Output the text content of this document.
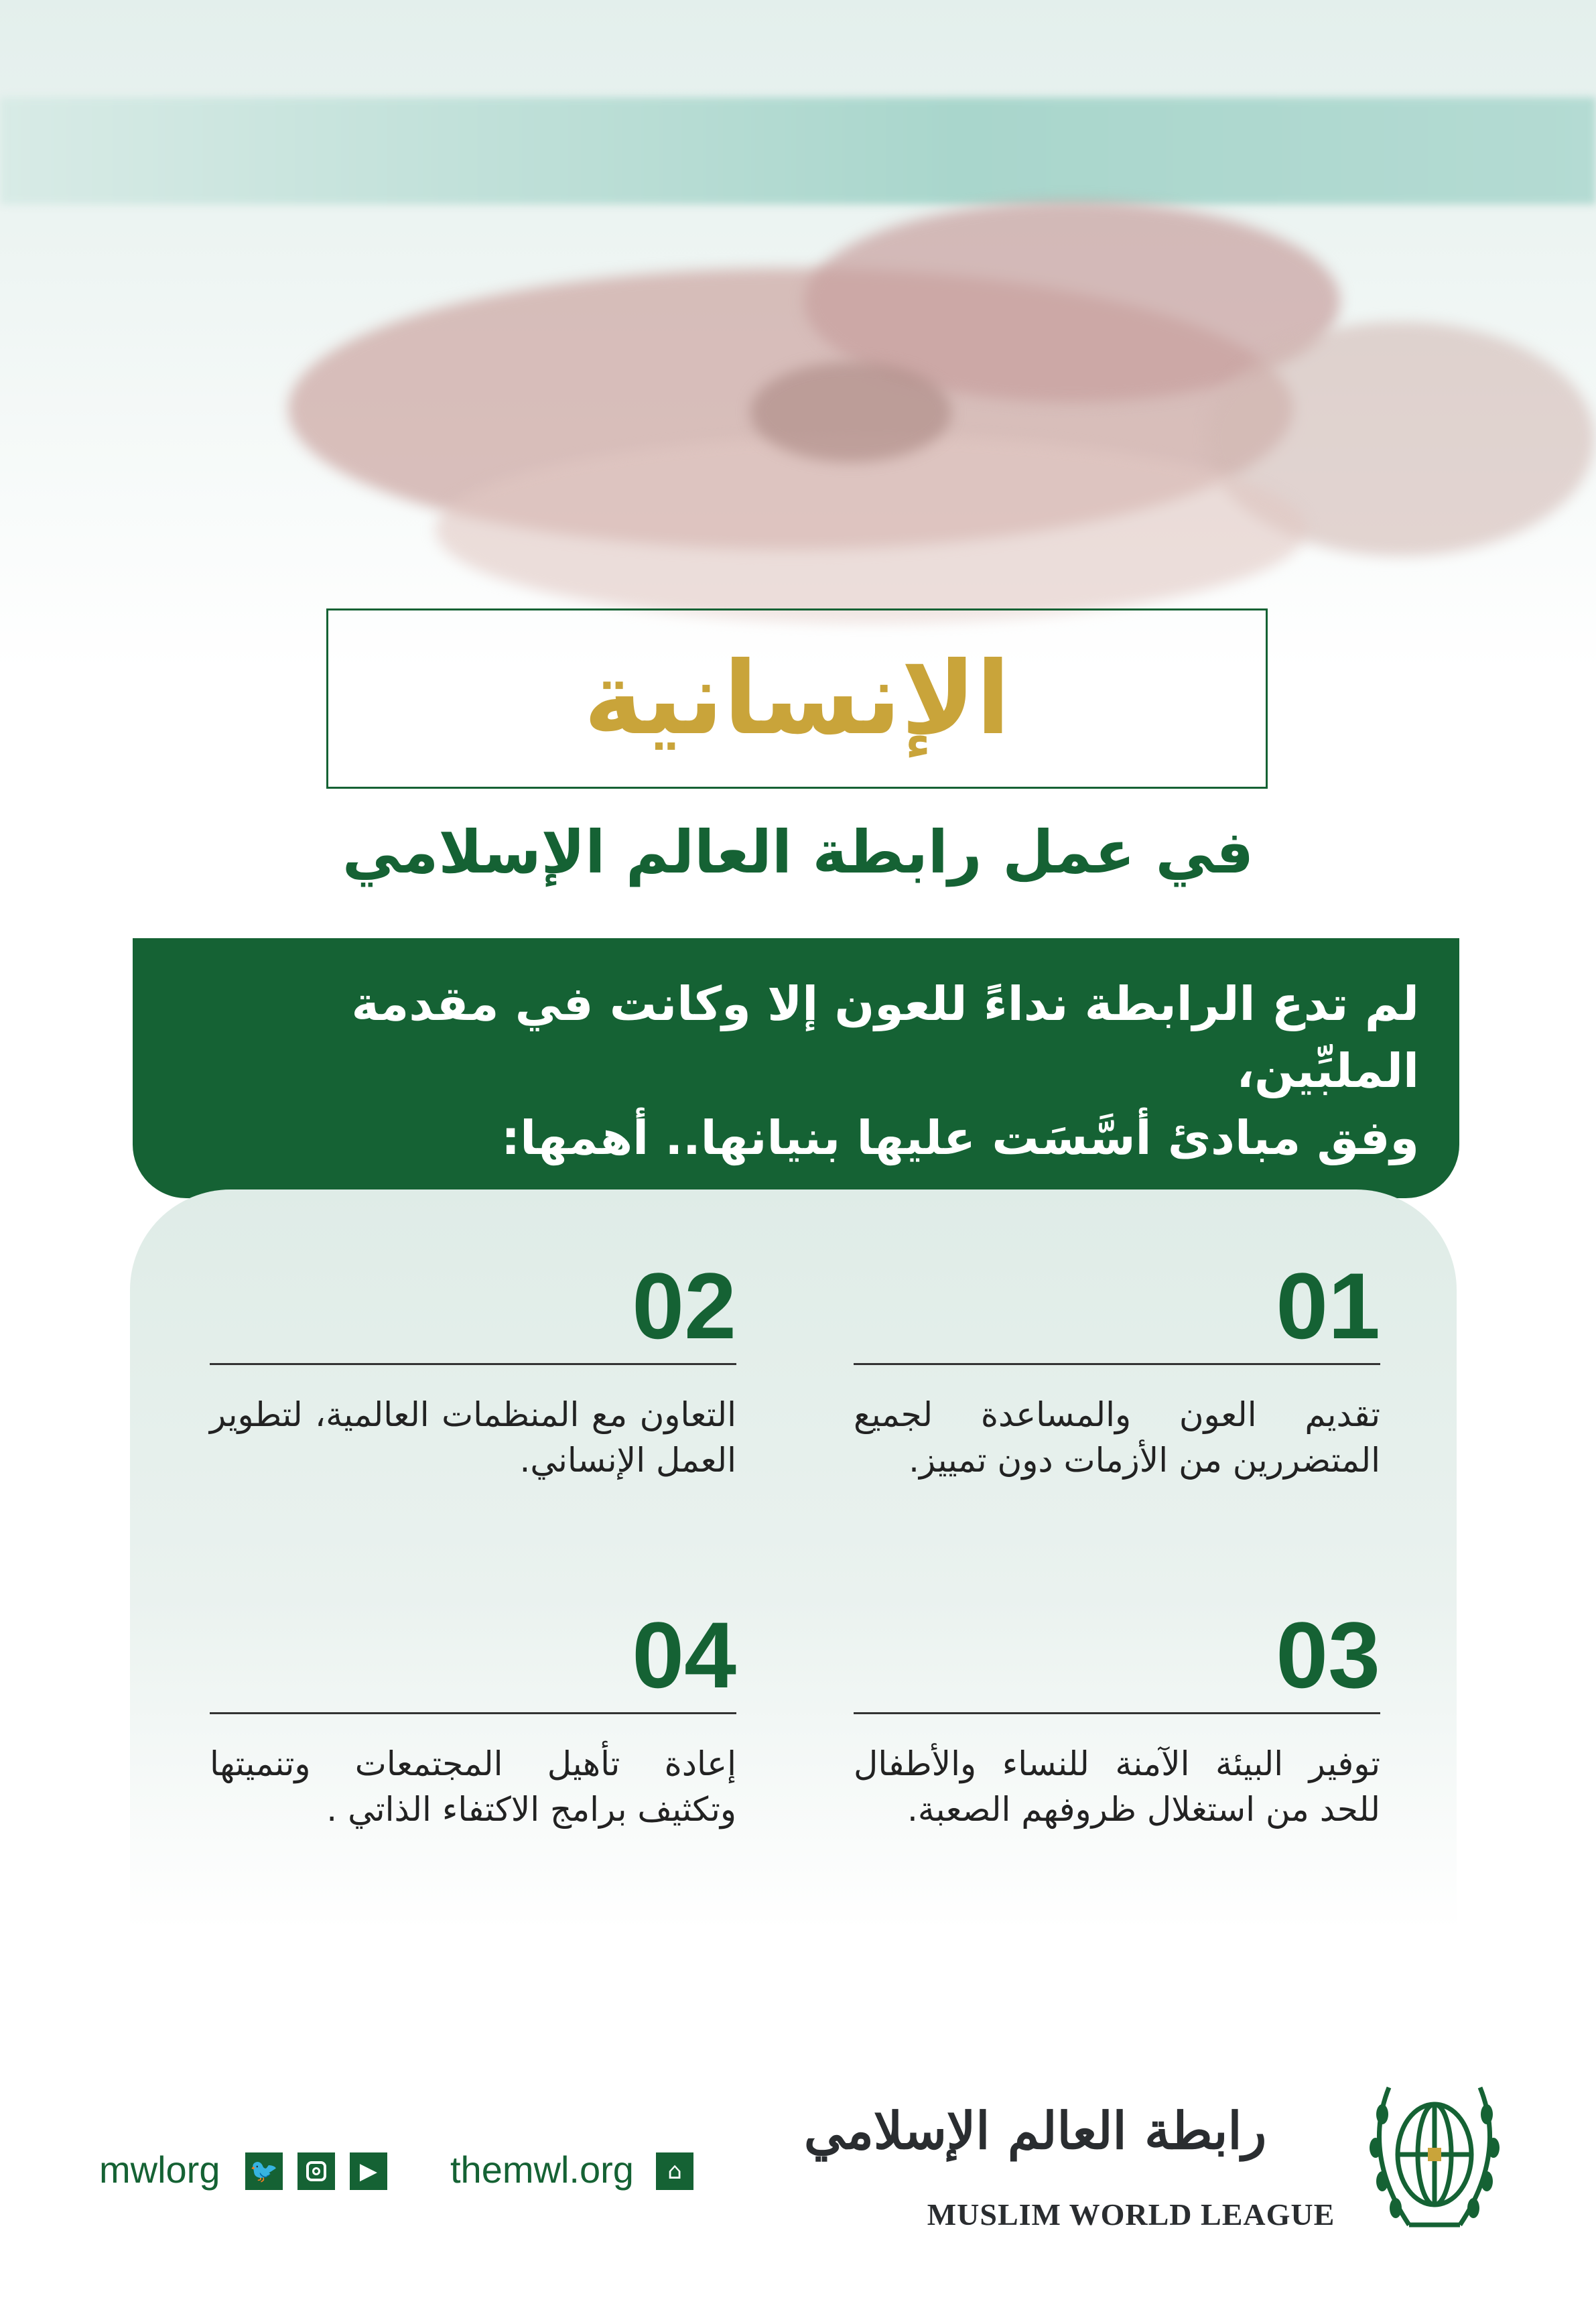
الإنسانية
في عمل رابطة العالم الإسلامي
لم تدع الرابطة نداءً للعون إلا وكانت في مقدمة الملبِّين،
وفق مبادئ أسَّسَت عليها بنيانها.. أهمها:
01
تقديم العون والمساعدة لجميع المتضررين من الأزمات دون تمييز.
02
التعاون مع المنظمات العالمية، لتطوير العمل الإنساني.
03
توفير البيئة الآمنة للنساء والأطفال للحد من استغلال ظروفهم الصعبة.
04
إعادة تأهيل المجتمعات وتنميتها وتكثيف برامج الاكتفاء الذاتي .
mwlorg 🐦	▶ themwl.org	⌂
رابطة العالم الإسلامي
MUSLIM WORLD LEAGUE
